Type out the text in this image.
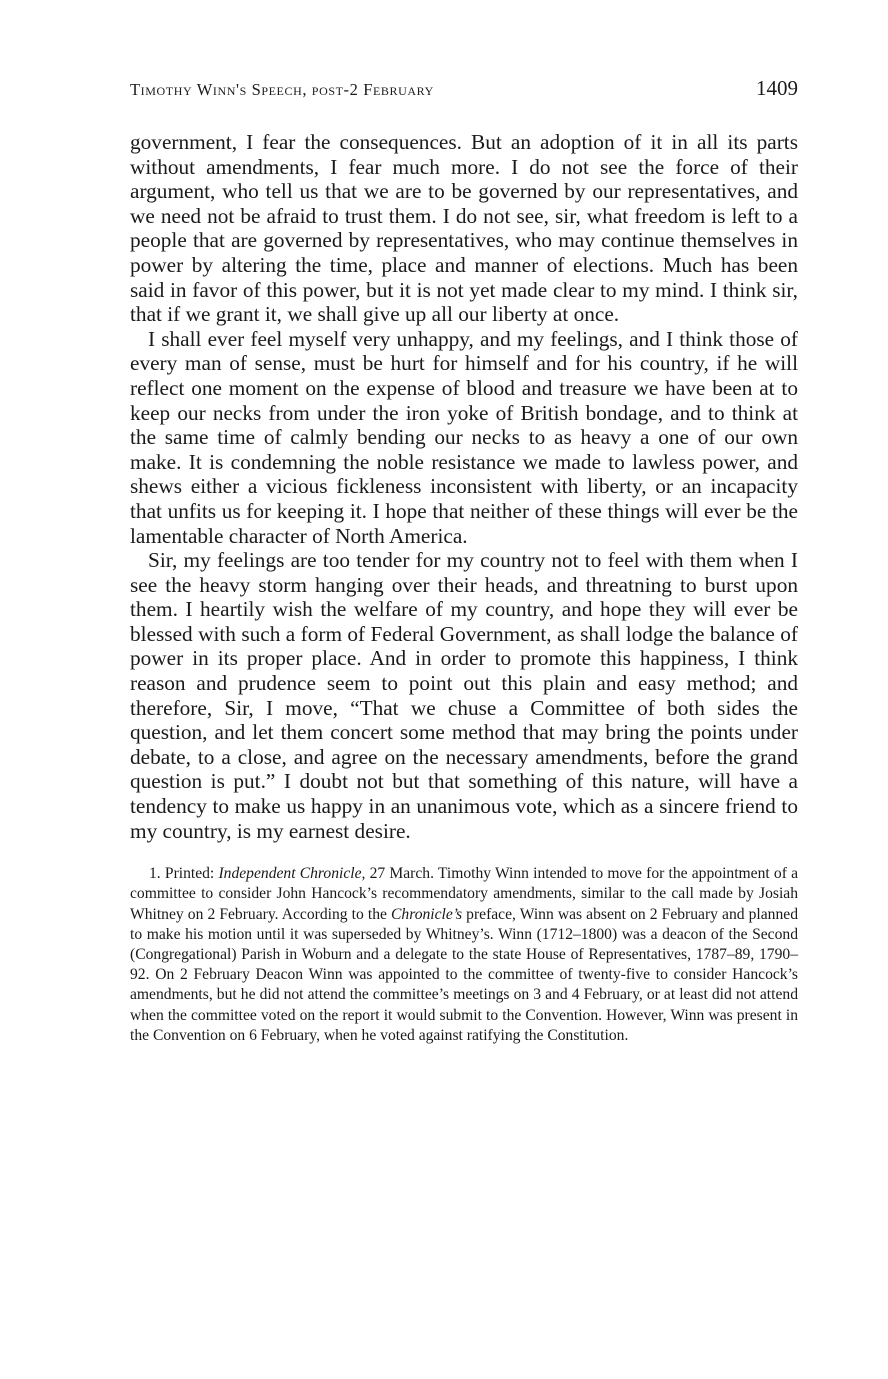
Timothy Winn's Speech, post-2 February	1409

government, I fear the consequences. But an adoption of it in all its parts without amendments, I fear much more. I do not see the force of their argument, who tell us that we are to be governed by our representatives, and we need not be afraid to trust them. I do not see, sir, what freedom is left to a people that are governed by representatives, who may continue themselves in power by altering the time, place and manner of elections. Much has been said in favor of this power, but it is not yet made clear to my mind. I think sir, that if we grant it, we shall give up all our liberty at once.

I shall ever feel myself very unhappy, and my feelings, and I think those of every man of sense, must be hurt for himself and for his country, if he will reflect one moment on the expense of blood and treasure we have been at to keep our necks from under the iron yoke of British bondage, and to think at the same time of calmly bending our necks to as heavy a one of our own make. It is condemning the noble resistance we made to lawless power, and shews either a vicious fickleness inconsistent with liberty, or an incapacity that unfits us for keeping it. I hope that neither of these things will ever be the lamentable character of North America.

Sir, my feelings are too tender for my country not to feel with them when I see the heavy storm hanging over their heads, and threatning to burst upon them. I heartily wish the welfare of my country, and hope they will ever be blessed with such a form of Federal Government, as shall lodge the balance of power in its proper place. And in order to promote this happiness, I think reason and prudence seem to point out this plain and easy method; and therefore, Sir, I move, “That we chuse a Committee of both sides the question, and let them concert some method that may bring the points under debate, to a close, and agree on the necessary amendments, before the grand question is put.” I doubt not but that something of this nature, will have a tendency to make us happy in an unanimous vote, which as a sincere friend to my country, is my earnest desire.

1. Printed: Independent Chronicle, 27 March. Timothy Winn intended to move for the appointment of a committee to consider John Hancock’s recommendatory amendments, similar to the call made by Josiah Whitney on 2 February. According to the Chronicle’s preface, Winn was absent on 2 February and planned to make his motion until it was superseded by Whitney’s. Winn (1712–1800) was a deacon of the Second (Congregational) Parish in Woburn and a delegate to the state House of Representatives, 1787–89, 1790–92. On 2 February Deacon Winn was appointed to the committee of twenty-five to consider Hancock’s amendments, but he did not attend the committee’s meetings on 3 and 4 February, or at least did not attend when the committee voted on the report it would submit to the Convention. However, Winn was present in the Convention on 6 February, when he voted against ratifying the Constitution.
